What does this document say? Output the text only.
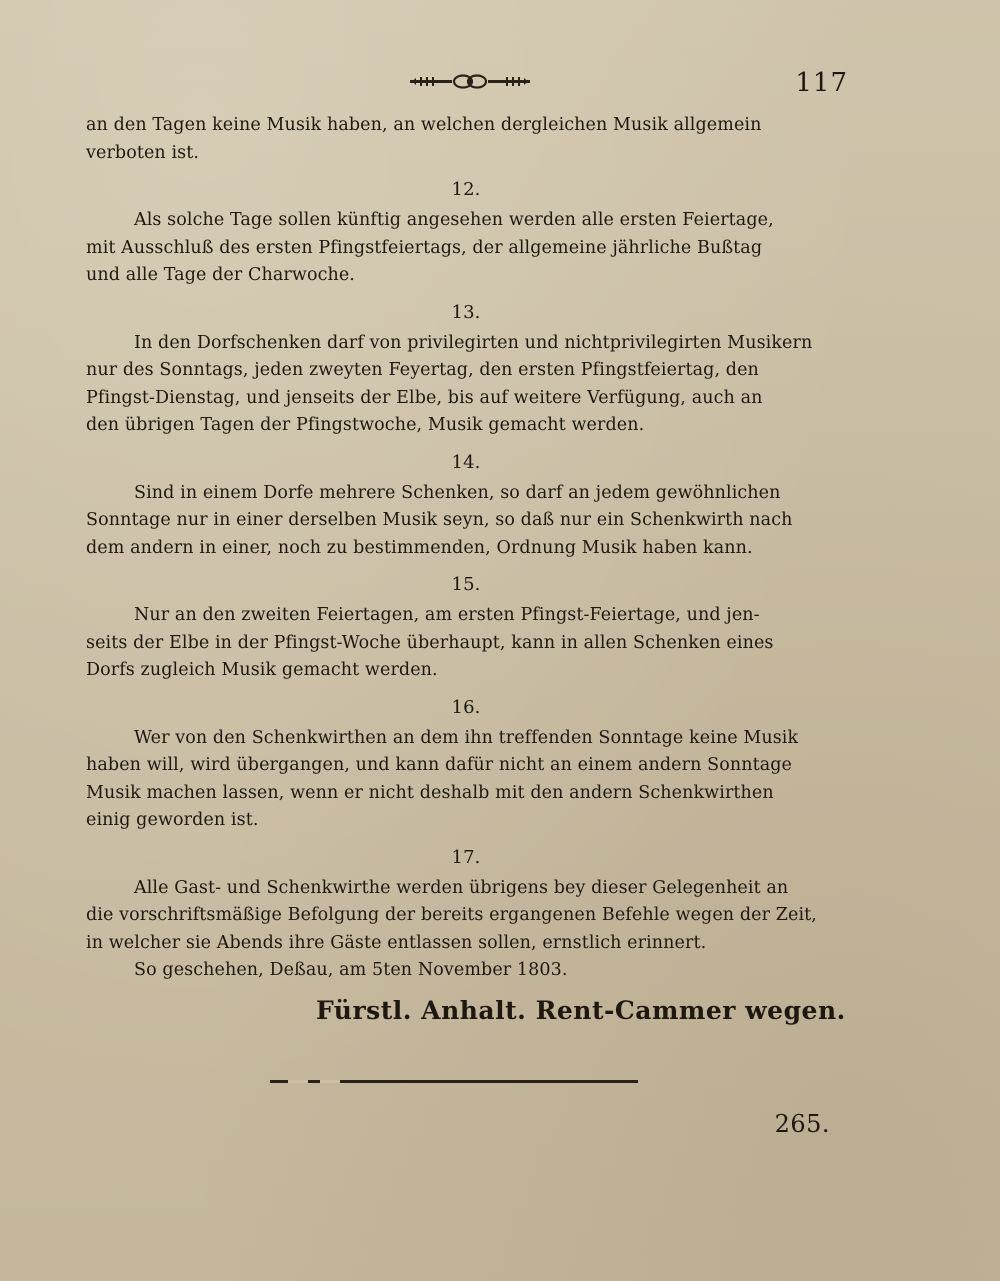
117

an den Tagen keine Musik haben, an welchen dergleichen Musik allgemein
verboten ist.

12.

Als solche Tage sollen künftig angesehen werden alle ersten Feiertage,
mit Ausschluß des ersten Pfingstfeiertags, der allgemeine jährliche Bußtag
und alle Tage der Charwoche.

13.

In den Dorfschenken darf von privilegirten und nichtprivilegirten Musikern
nur des Sonntags, jeden zweyten Feyertag, den ersten Pfingstfeiertag, den
Pfingst-Dienstag, und jenseits der Elbe, bis auf weitere Verfügung, auch an
den übrigen Tagen der Pfingstwoche, Musik gemacht werden.

14.

Sind in einem Dorfe mehrere Schenken, so darf an jedem gewöhnlichen
Sonntage nur in einer derselben Musik seyn, so daß nur ein Schenkwirth nach
dem andern in einer, noch zu bestimmenden, Ordnung Musik haben kann.

15.

Nur an den zweiten Feiertagen, am ersten Pfingst-Feiertage, und jen-
seits der Elbe in der Pfingst-Woche überhaupt, kann in allen Schenken eines
Dorfs zugleich Musik gemacht werden.

16.

Wer von den Schenkwirthen an dem ihn treffenden Sonntage keine Musik
haben will, wird übergangen, und kann dafür nicht an einem andern Sonntage
Musik machen lassen, wenn er nicht deshalb mit den andern Schenkwirthen
einig geworden ist.

17.

Alle Gast- und Schenkwirthe werden übrigens bey dieser Gelegenheit an
die vorschriftsmäßige Befolgung der bereits ergangenen Befehle wegen der Zeit,
in welcher sie Abends ihre Gäste entlassen sollen, ernstlich erinnert.

So geschehen, Deßau, am 5ten November 1803.

Fürstl. Anhalt. Rent-Cammer wegen.

265.
